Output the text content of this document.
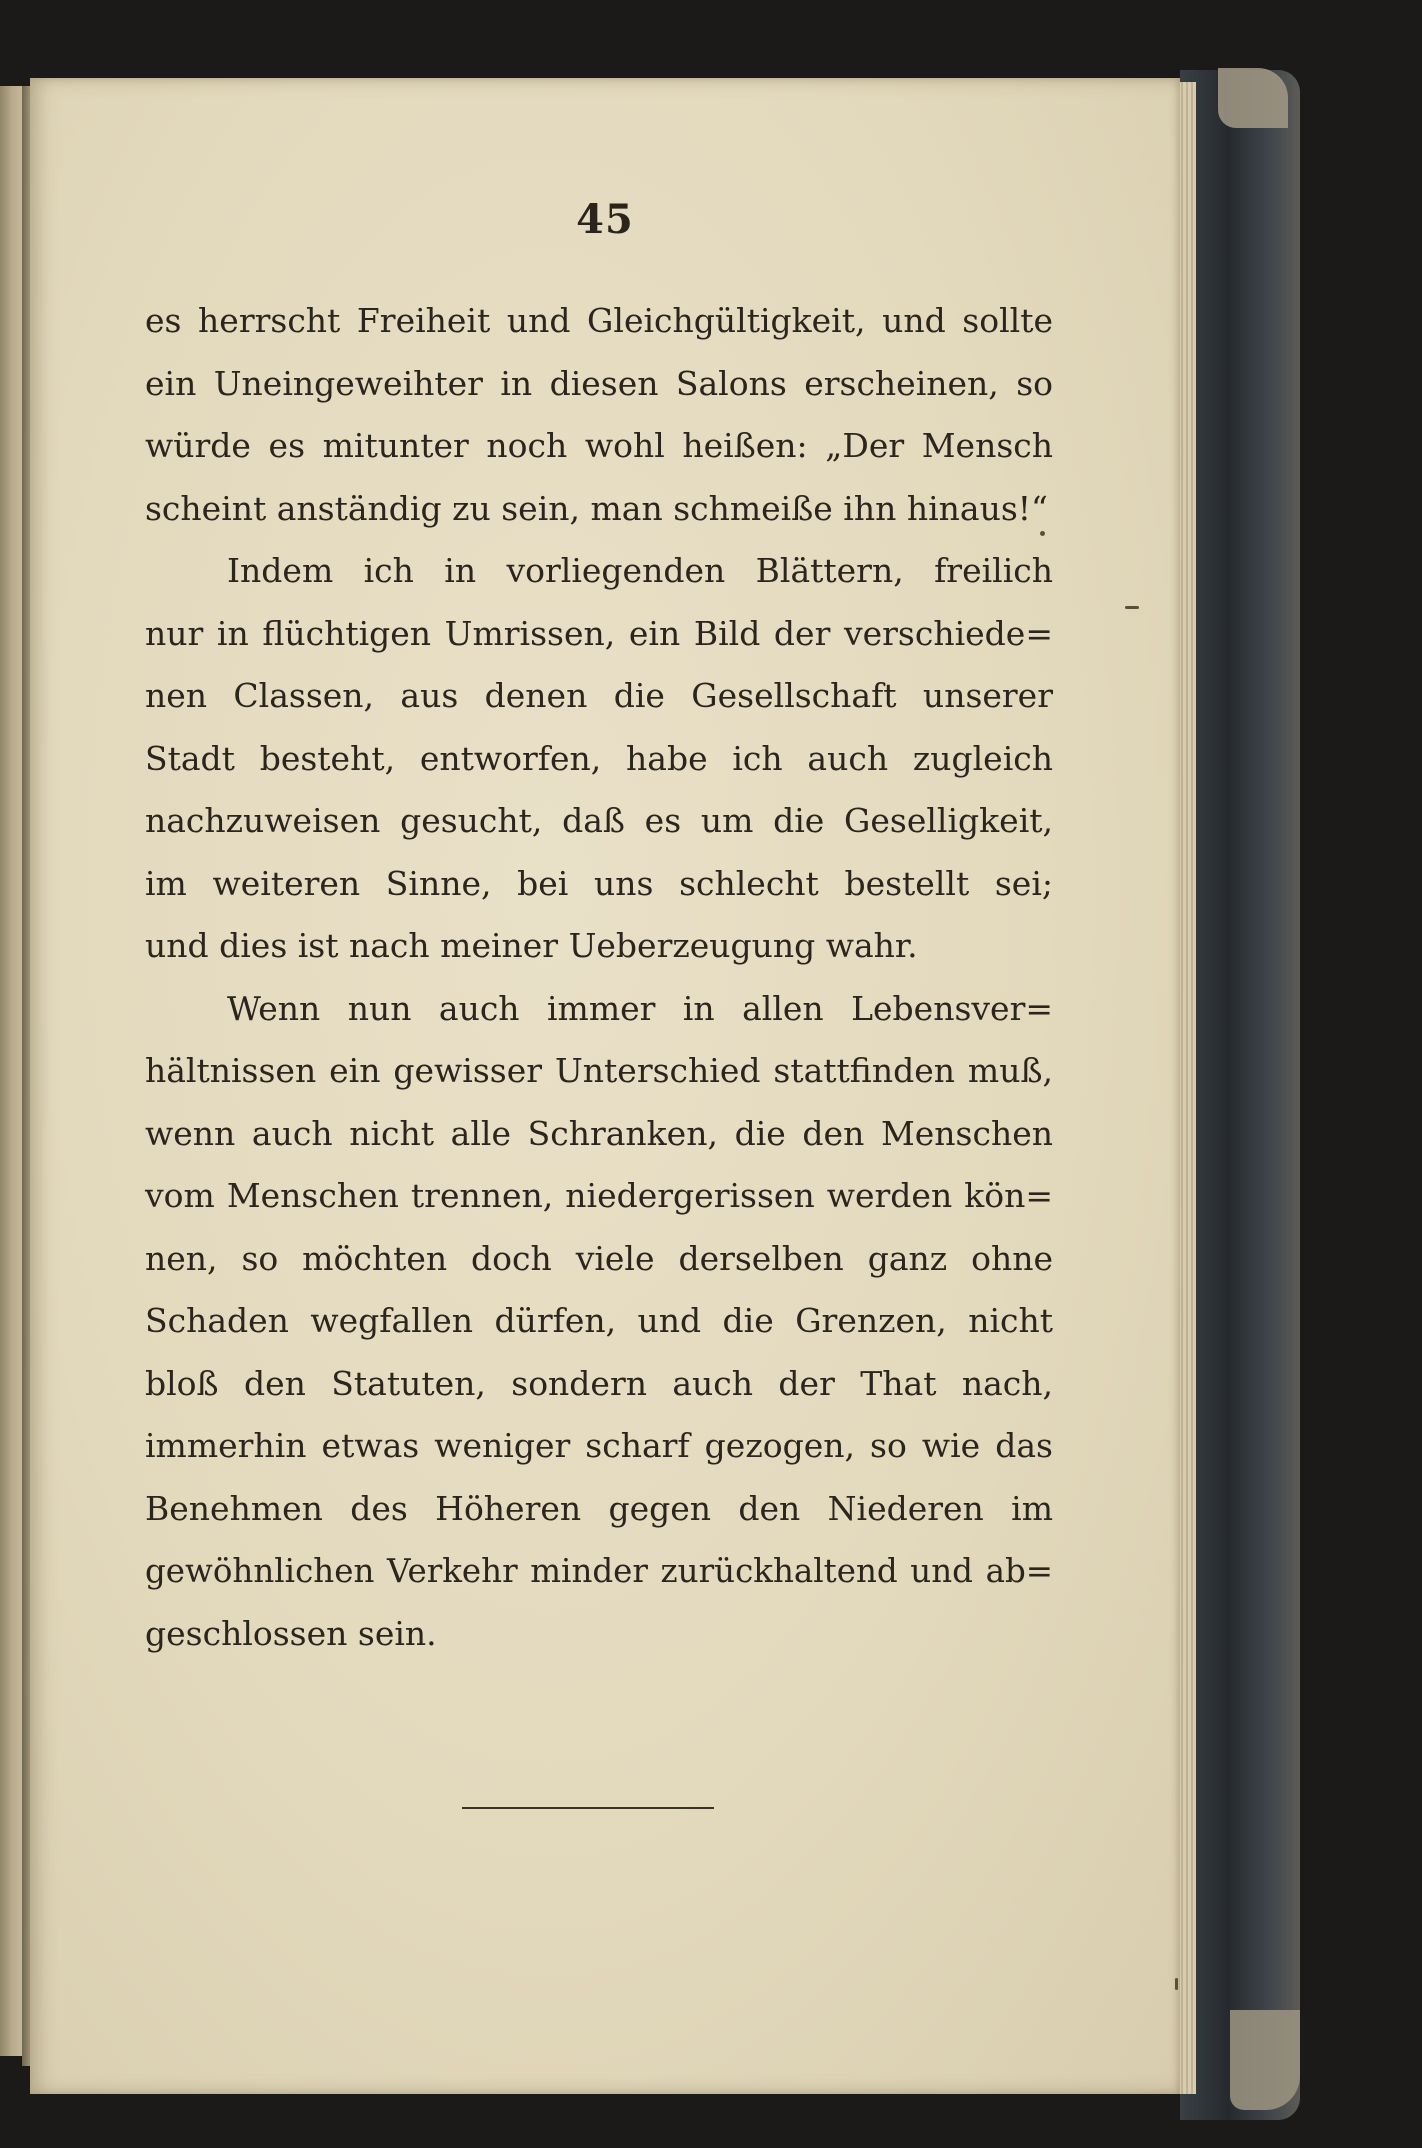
45
es herrscht Freiheit und Gleichgültigkeit, und sollte
ein Uneingeweihter in diesen Salons erscheinen, so
würde es mitunter noch wohl heißen: „Der Mensch
scheint anständig zu sein, man schmeiße ihn hinaus!“
Indem ich in vorliegenden Blättern, freilich
nur in flüchtigen Umrissen, ein Bild der verschiede=
nen Classen, aus denen die Gesellschaft unserer
Stadt besteht, entworfen, habe ich auch zugleich
nachzuweisen gesucht, daß es um die Geselligkeit,
im weiteren Sinne, bei uns schlecht bestellt sei;
und dies ist nach meiner Ueberzeugung wahr.
Wenn nun auch immer in allen Lebensver=
hältnissen ein gewisser Unterschied stattfinden muß,
wenn auch nicht alle Schranken, die den Menschen
vom Menschen trennen, niedergerissen werden kön=
nen, so möchten doch viele derselben ganz ohne
Schaden wegfallen dürfen, und die Grenzen, nicht
bloß den Statuten, sondern auch der That nach,
immerhin etwas weniger scharf gezogen, so wie das
Benehmen des Höheren gegen den Niederen im
gewöhnlichen Verkehr minder zurückhaltend und ab=
geschlossen sein.
